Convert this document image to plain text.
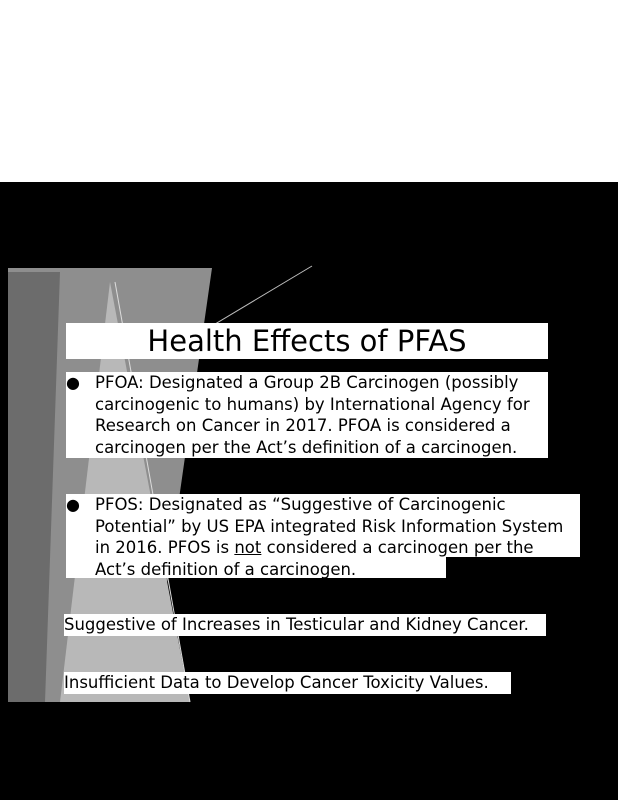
Health Effects of PFAS
● PFOA: Designated a Group 2B Carcinogen (possibly
carcinogenic to humans) by International Agency for
Research on Cancer in 2017. PFOA is considered a
carcinogen per the Act’s definition of a carcinogen.
● PFOS: Designated as “Suggestive of Carcinogenic
Potential” by US EPA integrated Risk Information System
in 2016. PFOS is not considered a carcinogen per the
Act’s definition of a carcinogen.
Suggestive of Increases in Testicular and Kidney Cancer.
Insufficient Data to Develop Cancer Toxicity Values.
